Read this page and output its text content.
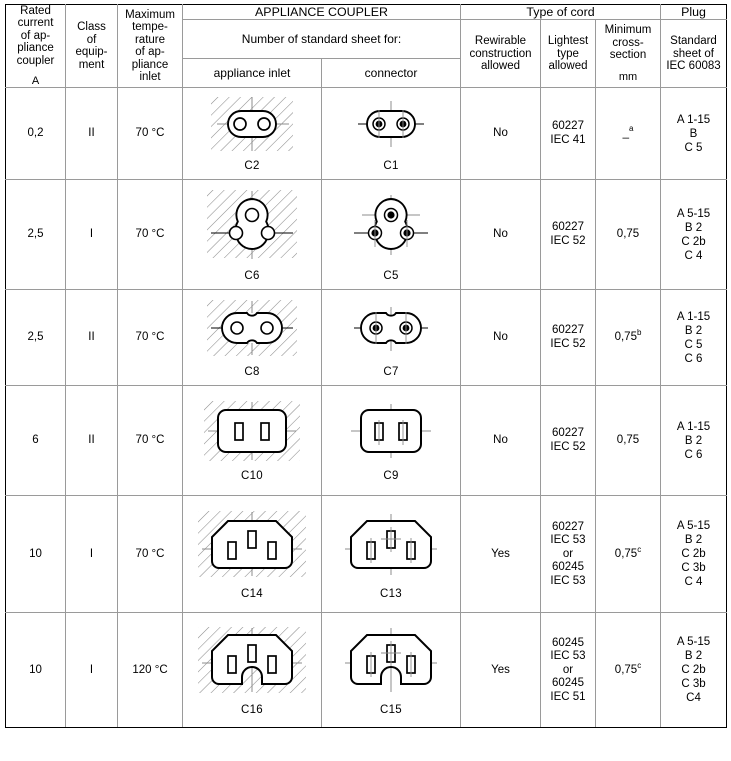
Rated
current
of ap-
pliance
coupler
A
	Class
of
equip-
ment	Maximum
tempe-
rature
of ap-
pliance
inlet	APPLIANCE COUPLER	Type of cord	Plug
			Number of standard sheet for:		Rewirable
construction
allowed	Lightest
type
allowed	Minimum
cross-
section
mm	Standard
sheet of
IEC 60083
			appliance inlet	connector				
0,2	II	70 °C	C2	C1	No	60227
IEC 41	_$^a$	A 1-15
B
C 5

2,5	I	70 °C	C6	C5	No	60227
IEC 52	0,75	A 5-15
B 2
C 2b
C 4

2,5	II	70 °C	C8	C7	No	60227
IEC 52	0,75$^b$	A 1-15
B 2
C 5
C 6

6	II	70 °C	C10	C9	No	60227
IEC 52	0,75	A 1-15
B 2
C 6

10	I	70 °C	C14	C13	Yes	60227
IEC 53
or
60245
IEC 53	0,75$^c$	A 5-15
B 2
C 2b
C 3b
C 4

10	I	120 °C	C16	C15	Yes	60245
IEC 53
or
60245
IEC 51	0,75$^c$	A 5-15
B 2
C 2b
C 3b
C4
